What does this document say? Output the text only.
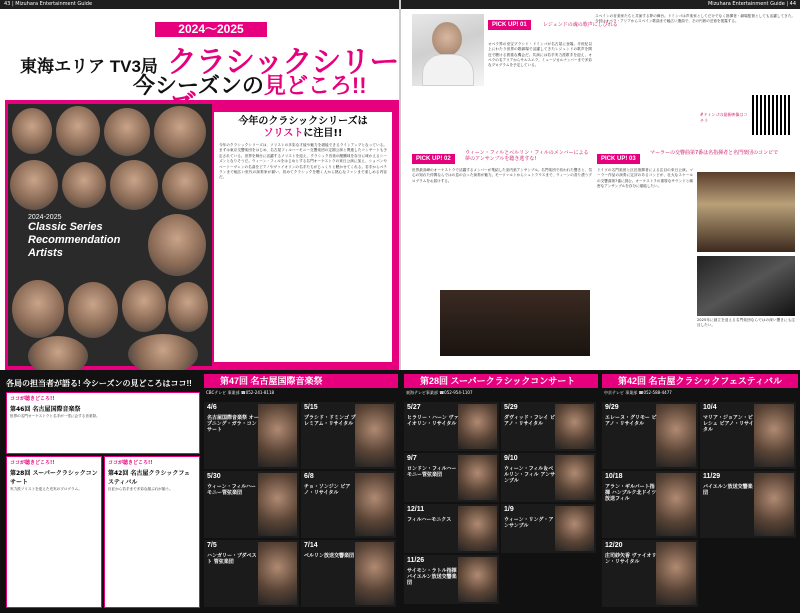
43 | Mizuhara Entertainment Guide	Mizuhara Entertainment Guide | 44
2024～2025
東海エリア TV3局 クラシックシリー
今シーズンの見どころ!!
2024-2025
Classic Series
Recommendation
Artists
今年のクラシックシリーズは
ソリストに注目!!
今年のクラシックシリーズは、ソリストの多彩な才能や魅力を堪能できるラインアップとなっている。まずは東京交響楽団をはじめ、名古屋フィルハーモニー交響楽団の定期公演と関連したコンサートも予定されている。世界を舞台に活躍するソリストを迎え、クラシック音楽の醍醐味を存分に味わえるシーズンとなりそうだ。ウィーン・フィルをはじめとする名門オーケストラの来日公演に加え、ショパンやベートーヴェンの名曲をピアノやヴァイオリンの名手たちがじっくりと聴かせてくれる。若手からベテランまで幅広い世代の演奏家が揃い、初めてクラシックを聴く人から熱心なファンまで楽しめる内容だ。
PICK UP! 01	レジェンドの魂の歌声にしびれる
オペラ界の至宝プラシド・ドミンゴが名古屋に登場。半世紀以上にわたり世界の歌劇場で活躍してきたレジェンドの歌声を間近で聴ける貴重な機会だ。共演には若手実力派歌手を迎え、オペラの名アリアからサルスエラ、ミュージカルナンバーまで多彩なプログラムを予定している。
スペインの音楽家たちと共演する夢の舞台。ドミンゴは声楽家としてだけでなく指揮者・劇場監督としても活躍してきた。今回はオペラ・アリアからスペイン歌曲まで幅広い選曲で、その円熟の芸術を披露する。
#ドミンゴの最新映像はコチラ
PICK UP! 02
ウィーン・フィルとベルリン・フィルのメンバーによる夢のアンサンブルを聴き逃すな!
世界最高峰のオーケストラで活躍するメンバーが集結した室内楽アンサンブル。名門楽団で培われた響きと、気心の知れた仲間ならではの息の合った演奏が魅力。モーツァルトからシュトラウスまで、ウィーンの香り漂うプログラムをお届けする。
PICK UP! 03
マーラーの交響曲第7番は名指揮者と名門楽団のコンビで
ドイツの名門楽団と巨匠指揮者による注目の来日公演。マーラー作品の演奏に定評のあるコンビが、壮大なスケールの交響曲第7番に挑む。オーケストラの重厚なサウンドと緻密なアンサンブルを存分に堪能したい。
2025年に創立を迎える名門楽団ならではの深い響きにも注目したい。
各局の担当者が語る! 今シーズンの見どころはココ!!
ココが聴きどころ!!
第46回 名古屋国際音楽祭
世界の名門オーケストラと名手が一堂に会する音楽祭。
ココが聴きどころ!!
第28回 スーパークラシックコンサート
実力派ソリストを迎えた充実のプログラム。
ココが聴きどころ!!
第42回 名古屋クラシックフェスティバル
巨匠から若手まで多彩な顔ぶれが揃う。
第47回 名古屋国際音楽祭
CBCテレビ 事業部 ☎052-241-8118
第28回 スーパークラシックコンサート
東海テレビ事業部 ☎052-954-1107
第42回 名古屋クラシックフェスティバル
中京テレビ 事業部 ☎052-588-4477
4/6
名古屋国際音楽祭 オープニング・ガラ・コンサート
5/15
プラシド・ドミンゴ プレミアム・リサイタル
5/30
ウィーン・フィルハーモニー管弦楽団
6/8
チョ・ソンジン ピアノ・リサイタル
7/5
ハンガリー・ブダペスト 管弦楽団
7/14
ベルリン放送交響楽団
5/27
ヒラリー・ハーン ヴァイオリン・リサイタル
5/29
ダヴィッド・フレイ ピアノ・リサイタル
9/7
ロンドン・フィルハーモニー管弦楽団
9/10
ウィーン・フィル＆ベルリン・フィル アンサンブル
12/11
フィルハーモニクス
1/9
ウィーン・リング・アンサンブル
11/26
サイモン・ラトル指揮 バイエルン放送交響楽団
9/29
エレーヌ・グリモー ピアノ・リサイタル
10/4
マリア・ジョアン・ピレシュ ピアノ・リサイタル
10/18
アラン・ギルバート指揮 ハンブルク北ドイツ放送フィル
11/29
バイエルン放送交響楽団
12/20
庄司紗矢香 ヴァイオリン・リサイタル
